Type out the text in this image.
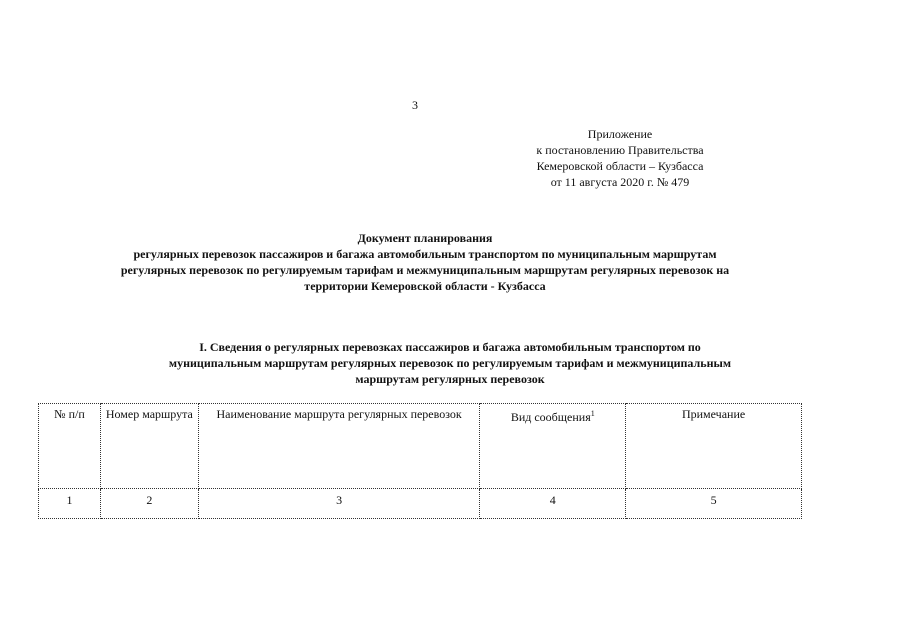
3
Приложение
к постановлению Правительства
Кемеровской области – Кузбасса
от 11 августа 2020 г. № 479
Документ планирования
регулярных перевозок пассажиров и багажа автомобильным транспортом по муниципальным маршрутам
регулярных перевозок по регулируемым тарифам и межмуниципальным маршрутам регулярных перевозок на
территории Кемеровской области - Кузбасса
I. Сведения о регулярных перевозках пассажиров и багажа автомобильным транспортом по
муниципальным маршрутам регулярных перевозок по регулируемым тарифам и межмуниципальным
маршрутам регулярных перевозок
№ п/п	Номер маршрута	Наименование маршрута регулярных перевозок	Вид сообщения$^1$	Примечание
1	2	3	4	5
